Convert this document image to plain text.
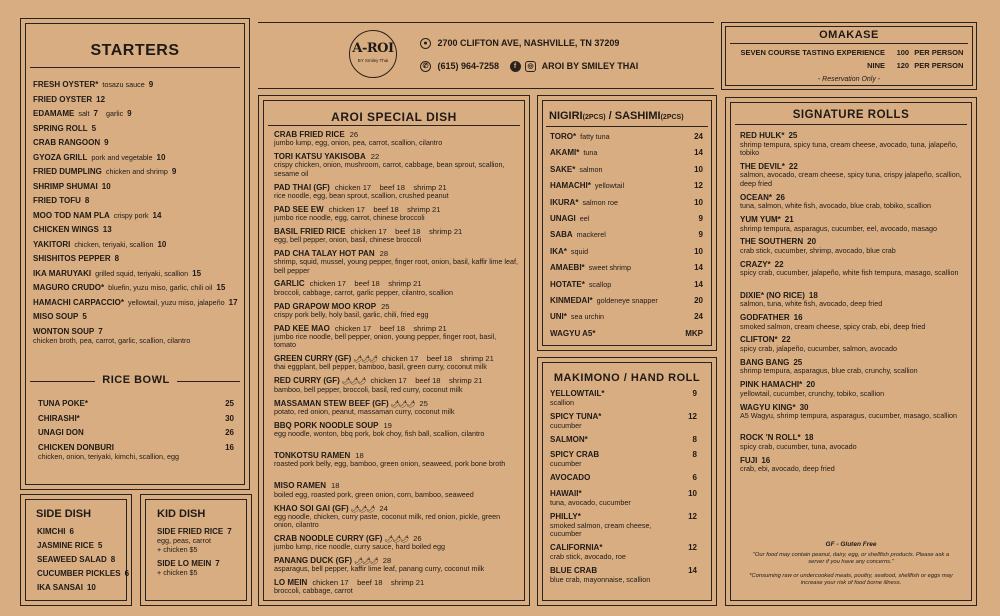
STARTERS
FRESH OYSTER* tosazu sauce 9
FRIED OYSTER 12
EDAMAME salt 7 garlic 9
SPRING ROLL 5
CRAB RANGOON 9
GYOZA GRILL pork and vegetable 10
FRIED DUMPLING chicken and shrimp 9
SHRIMP SHUMAI 10
FRIED TOFU 8
MOO TOD NAM PLA crispy pork 14
CHICKEN WINGS 13
YAKITORI chicken, teriyaki, scallion 10
SHISHITOS PEPPER 8
IKA MARUYAKI grilled squid, teriyaki, scallion 15
MAGURO CRUDO* bluefin, yuzu miso, garlic, chili oil 15
HAMACHI CARPACCIO* yellowtail, yuzu miso, jalapeño 17
MISO SOUP 5
WONTON SOUP 7
chicken broth, pea, carrot, garlic, scallion, cilantro
RICE BOWL
TUNA POKE*	25
CHIRASHI*	30
UNAGI DON	26
CHICKEN DONBURI	16
chicken, onion, teriyaki, kimchi, scallion, egg
SIDE DISH
KIMCHI 6
JASMINE RICE 5
SEAWEED SALAD 8
CUCUMBER PICKLES 6
IKA SANSAI 10
KID DISH
SIDE FRIED RICE 7
egg, peas, carrot
+ chicken $5
SIDE LO MEIN 7
+ chicken $5
A-ROI
BY Smiley Thai
● 2700 CLIFTON AVE, NASHVILLE, TN 37209
✆ (615) 964-7258 f ◎ AROI BY SMILEY THAI
AROI SPECIAL DISH
CRAB FRIED RICE 26
jumbo lump, egg, onion, pea, carrot, scallion, cilantro
TORI KATSU YAKISOBA 22
crispy chicken, onion, mushroom, carrot, cabbage, bean sprout, scallion, sesame oil
PAD THAI (GF) chicken 17    beef 18    shrimp 21
rice noodle, egg, bean sprout, scallion, crushed peanut
PAD SEE EW chicken 17    beef 18    shrimp 21
jumbo rice noodle, egg, carrot, chinese broccoli
BASIL FRIED RICE chicken 17    beef 18    shrimp 21
egg, bell pepper, onion, basil, chinese broccoli
PAD CHA TALAY HOT PAN 28
shrimp, squid, mussel, young pepper, finger root, onion, basil, kaffir lime leaf, bell pepper
GARLIC chicken 17    beef 18    shrimp 21
broccoli, cabbage, carrot, garlic pepper, cilantro, scallion
PAD GRAPOW MOO KROP 25
crispy pork belly, holy basil, garlic, chili, fried egg
PAD KEE MAO chicken 17    beef 18    shrimp 21
jumbo rice noodle, bell pepper, onion, young pepper, finger root, basil, tomato
GREEN CURRY (GF) 🌶🌶🌶 chicken 17    beef 18    shrimp 21
thai eggplant, bell pepper, bamboo, basil, green curry, coconut milk
RED CURRY (GF) 🌶🌶🌶 chicken 17    beef 18    shrimp 21
bamboo, bell pepper, broccoli, basil, red curry, coconut milk
MASSAMAN STEW BEEF (GF) 🌶🌶🌶 25
potato, red onion, peanut, massaman curry, coconut milk
BBQ PORK NOODLE SOUP 19
egg noodle, wonton, bbq pork, bok choy, fish ball, scallion, cilantro
TONKOTSU RAMEN 18
roasted pork belly, egg, bamboo, green onion, seaweed, pork bone broth
MISO RAMEN 18
boiled egg, roasted pork, green onion, corn, bamboo, seaweed
KHAO SOI GAI (GF) 🌶🌶🌶 24
egg noodle, chicken, curry paste, coconut milk, red onion, pickle, green onion, cilantro
CRAB NOODLE CURRY (GF) 🌶🌶🌶 26
jumbo lump, rice noodle, curry sauce, hard boiled egg
PANANG DUCK (GF) 🌶🌶🌶 28
asparagus, bell pepper, kaffir lime leaf, panang curry, coconut milk
LO MEIN chicken 17    beef 18    shrimp 21
broccoli, cabbage, carrot
NIGIRI(2PCS) / SASHIMI(2PCS)
TORO* fatty tuna	24
AKAMI* tuna	14
SAKE* salmon	10
HAMACHI* yellowtail	12
IKURA* salmon roe	10
UNAGI eel	9
SABA mackerel	9
IKA* squid	10
AMAEBI* sweet shrimp	14
HOTATE* scallop	14
KINMEDAI* goldeneye snapper	20
UNI* sea urchin	24
WAGYU A5*	MKP
MAKIMONO / HAND ROLL
YELLOWTAIL*	9
scallion
SPICY TUNA*	12
cucumber
SALMON*	8
SPICY CRAB	8
cucumber
AVOCADO	6
HAWAII*	10
tuna, avocado, cucumber
PHILLY*	12
smoked salmon, cream cheese, cucumber
CALIFORNIA*	12
crab stick, avocado, roe
BLUE CRAB	14
blue crab, mayonnaise, scallion
OMAKASE
SEVEN COURSE TASTING EXPERIENCE 100 PER PERSON
NINE 120 PER PERSON
- Reservation Only -
SIGNATURE ROLLS
RED HULK* 25
shrimp tempura, spicy tuna, cream cheese, avocado, tuna, jalapeño, tobiko
THE DEVIL* 22
salmon, avocado, cream cheese, spicy tuna, crispy jalapeño, scallion, deep fried
OCEAN* 26
tuna, salmon, white fish, avocado, blue crab, tobiko, scallion
YUM YUM* 21
shrimp tempura, asparagus, cucumber, eel, avocado, masago
THE SOUTHERN 20
crab stick, cucumber, shrimp, avocado, blue crab
CRAZY* 22
spicy crab, cucumber, jalapeño, white fish tempura, masago, scallion
DIXIE* (NO RICE) 18
salmon, tuna, white fish, avocado, deep fried
GODFATHER 16
smoked salmon, cream cheese, spicy crab, ebi, deep fried
CLIFTON* 22
spicy crab, jalapeño, cucumber, salmon, avocado
BANG BANG 25
shrimp tempura, asparagus, blue crab, crunchy, scallion
PINK HAMACHI* 20
yellowtail, cucumber, crunchy, tobiko, scallion
WAGYU KING* 30
A5 Wagyu, shrimp tempura, asparagus, cucumber, masago, scallion
ROCK 'N ROLL* 18
spicy crab, cucumber, tuna, avocado
FUJI 16
crab, ebi, avocado, deep fried
GF - Gluten Free
"Our food may contain peanut, dairy, egg, or shellfish products. Please ask a server if you have any concerns."
*Consuming raw or undercooked meats, poultry, seafood, shellfish or eggs may increase your risk of food borne illness.
